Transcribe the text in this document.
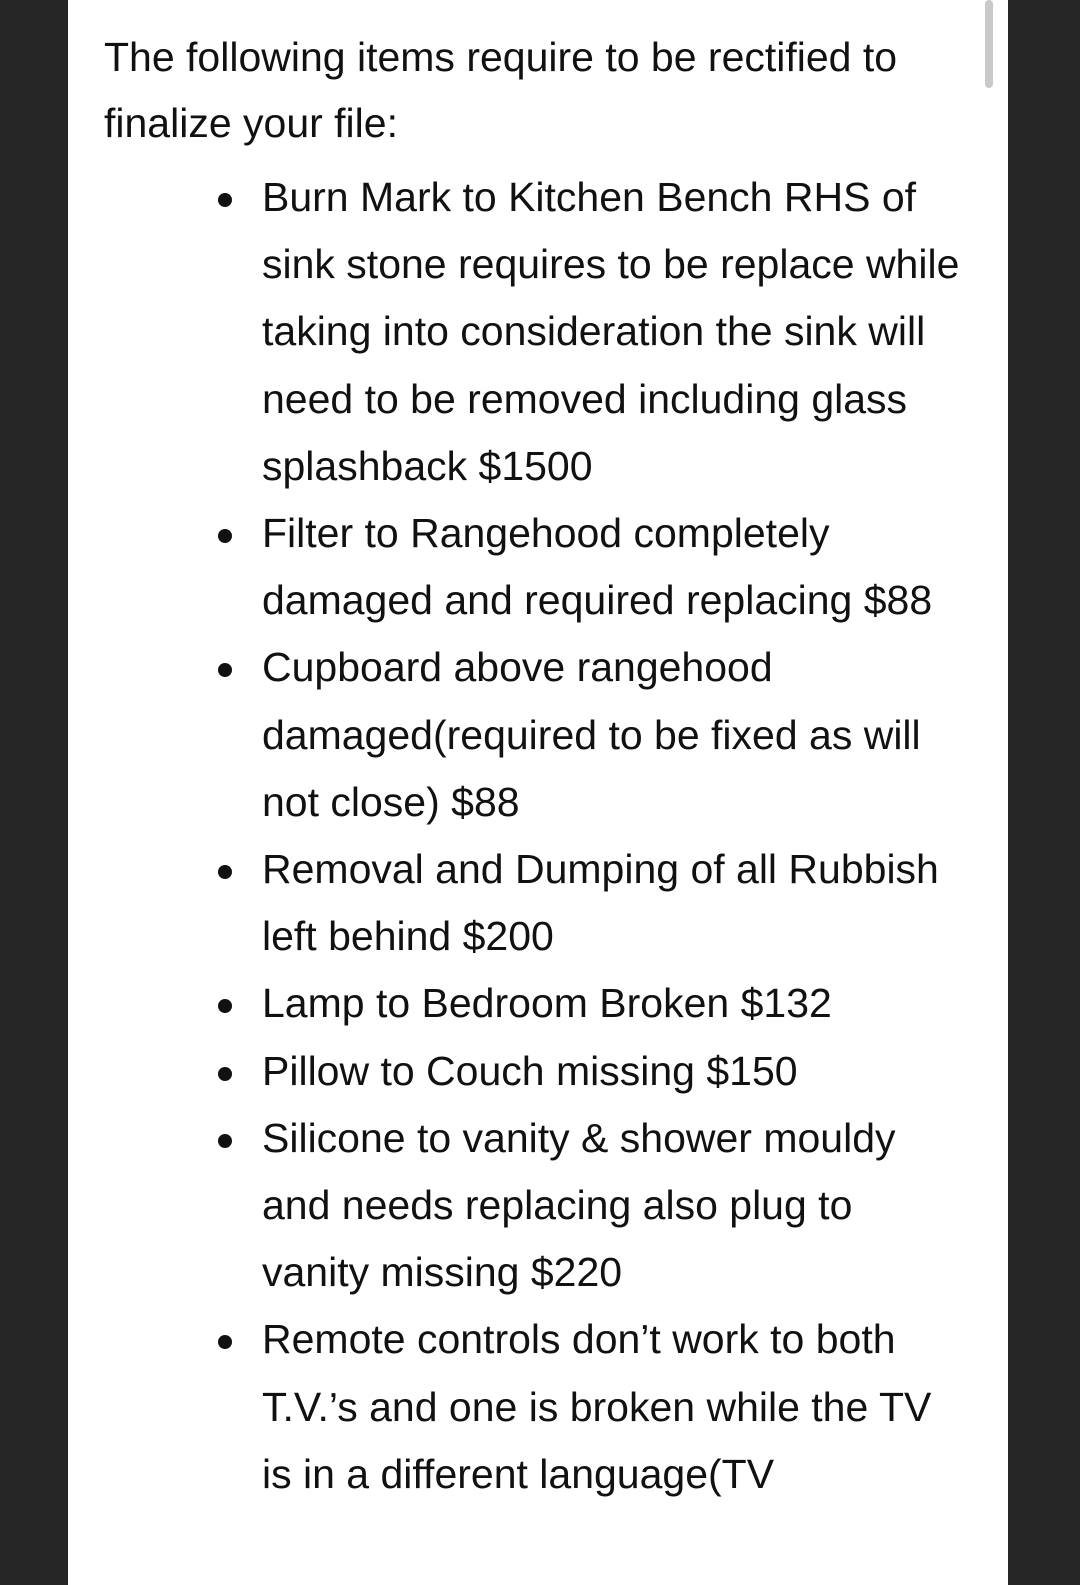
The following items require to be rectified to finalize your file:

Burn Mark to Kitchen Bench RHS of sink stone requires to be replace while taking into consideration the sink will need to be removed including glass splashback $1500
Filter to Rangehood completely damaged and required replacing $88
Cupboard above rangehood damaged(required to be fixed as will not close) $88
Removal and Dumping of all Rubbish left behind $200
Lamp to Bedroom Broken $132
Pillow to Couch missing $150
Silicone to vanity & shower mouldy and needs replacing also plug to vanity missing $220
Remote controls don’t work to both T.V.’s and one is broken while the TV is in a different language(TV
